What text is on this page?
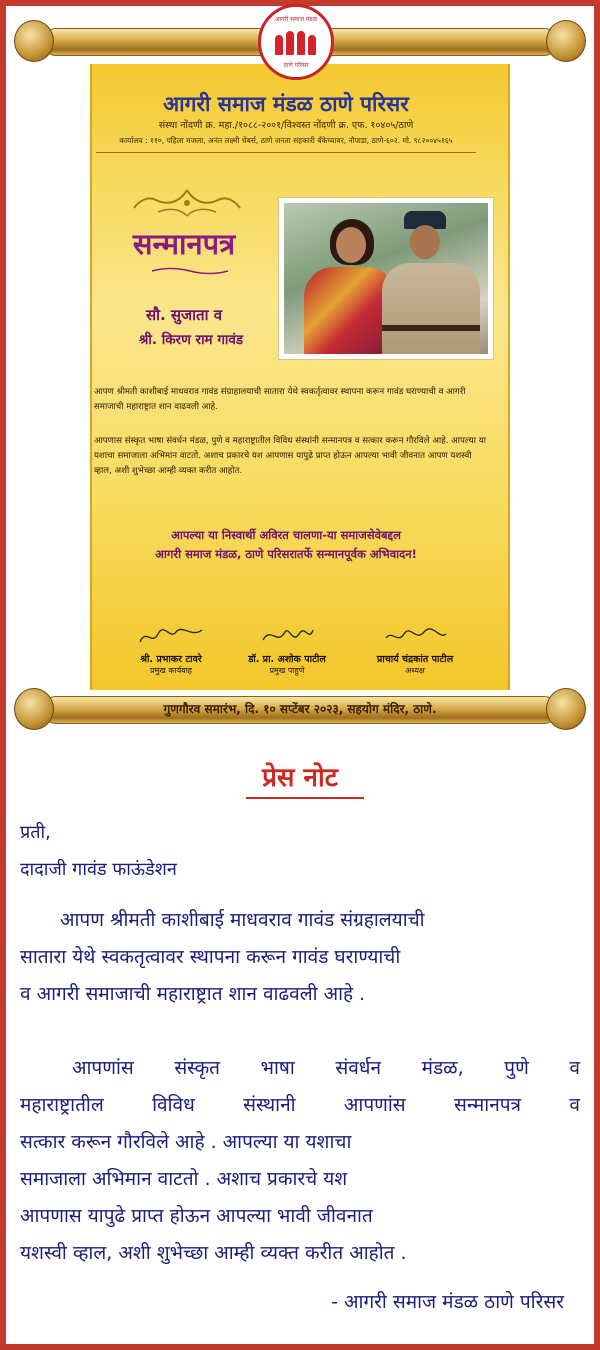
गुणगौरव समारंभ, दि. १० सप्टेंबर २०२३, सहयोग मंदिर, ठाणे.
आगरी समाज मंडळ
ठाणे परिसर
आगरी समाज मंडळ ठाणे परिसर
संस्था नोंदणी क्र. महा./१०८८-२००१/विश्वस्त नोंदणी क्र. एफ. १०४०५/ठाणे
कार्यालय : ११०, पहिला मजला, अनंत लक्ष्मी चेंबर्स, ठाणे जनता सहकारी बँकेच्यावर, नौपाडा, ठाणे-६०२. मो. ९८२००४५१६५
सन्मानपत्र
सौ. सुजाता व
श्री. किरण राम गावंड
आपण श्रीमती काशीबाई माधवराव गावंड संग्राहालयाची सातारा येथे स्वकर्तृत्वावर स्थापना करून गावंड घराण्याची व आगरी समाजाची महाराष्ट्रात शान वाढवली आहे.
आपणास संस्कृत भाषा संवर्धन मंडळ, पुणे व महाराष्ट्रातील विविध संस्थांनी सन्मानपत्र व सत्कार करून गौरविले आहे. आपल्या या यशाचा समाजाला अभिमान वाटतो. अशाच प्रकारचे यश आपणास यापुढे प्राप्त होऊन आपल्या भावी जीवनात आपण यशस्वी व्हाल, अशी शुभेच्छा आम्ही व्यक्त करीत आहोत.
आपल्या या निस्वार्थी अविरत चालणा-या समाजसेवेबद्दल
आगरी समाज मंडळ, ठाणे परिसरातर्फे सन्मानपूर्वक अभिवादन!
श्री. प्रभाकर टावरे
प्रमुख कार्यवाह
डॉ. प्रा. अशोक पाटील
प्रमुख पाहुणे
प्राचार्य चंद्रकांत पाटील
अध्यक्ष
प्रेस नोट
प्रती,
दादाजी गावंड फाऊंडेशन
आपण श्रीमती काशीबाई माधवराव गावंड संग्रहालयाची
सातारा येथे स्वकतृत्वावर स्थापना करून गावंड घराण्याची
व आगरी समाजाची महाराष्ट्रात शान वाढवली आहे .
आपणांस संस्कृत भाषा संवर्धन मंडळ, पुणे व
महाराष्ट्रातील विविध संस्थानी आपणांस सन्मानपत्र व
सत्कार करून गौरविले आहे . आपल्या या यशाचा
समाजाला अभिमान वाटतो . अशाच प्रकारचे यश
आपणास यापुढे प्राप्त होऊन आपल्या भावी जीवनात
यशस्वी व्हाल, अशी शुभेच्छा आम्ही व्यक्त करीत आहोत .
- आगरी समाज मंडळ ठाणे परिसर
